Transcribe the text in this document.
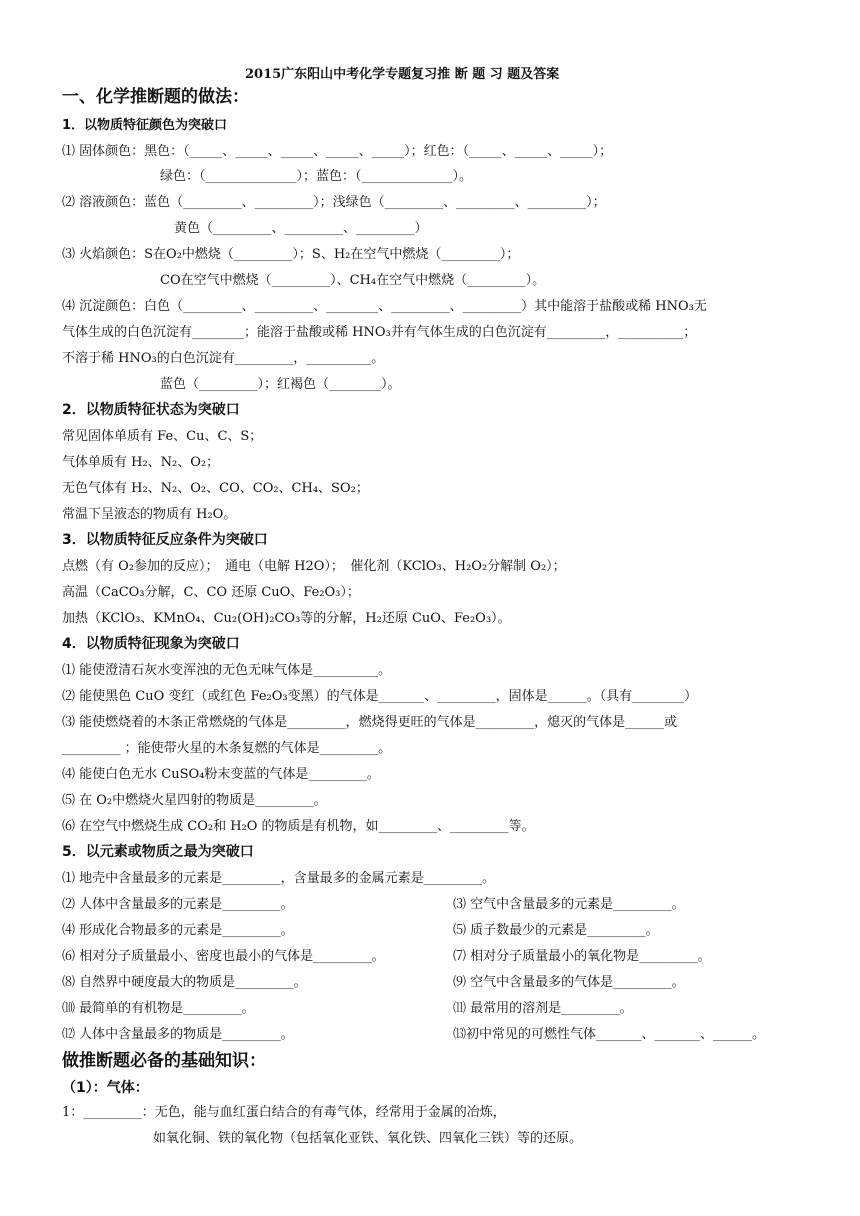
2015广东阳山中考化学专题复习推 断 题 习 题及答案
一、化学推断题的做法：
1．以物质特征颜色为突破口
⑴ 固体颜色：黑色：（_____、_____、_____、_____、_____）；红色：（_____、_____、_____）；
绿色：（______________）；蓝色：（______________）。
⑵ 溶液颜色：蓝色（_________、_________）；浅绿色（_________、_________、_________）；
黄色（_________、_________、_________）
⑶ 火焰颜色：S在O₂中燃烧（_________）；S、H₂在空气中燃烧（_________）；
CO在空气中燃烧（_________）、CH₄在空气中燃烧（_________）。
⑷ 沉淀颜色：白色（_________、_________、________、_________、_________）其中能溶于盐酸或稀 HNO₃无
气体生成的白色沉淀有________；能溶于盐酸或稀 HNO₃并有气体生成的白色沉淀有_________，__________；
不溶于稀 HNO₃的白色沉淀有_________，__________。
蓝色（_________）；红褐色（________）。
2．以物质特征状态为突破口
常见固体单质有 Fe、Cu、C、S；
气体单质有 H₂、N₂、O₂；
无色气体有 H₂、N₂、O₂、CO、CO₂、CH₄、SO₂；
常温下呈液态的物质有 H₂O。
3．以物质特征反应条件为突破口
点燃（有 O₂参加的反应）；　通电（电解 H2O）；　催化剂（KClO₃、H₂O₂分解制 O₂）；
高温（CaCO₃分解，C、CO 还原 CuO、Fe₂O₃）；
加热（KClO₃、KMnO₄、Cu₂(OH)₂CO₃等的分解，H₂还原 CuO、Fe₂O₃）。
4．以物质特征现象为突破口
⑴ 能使澄清石灰水变浑浊的无色无味气体是__________。
⑵ 能使黑色 CuO 变红（或红色 Fe₂O₃变黑）的气体是_______、_________，固体是______。（具有________）
⑶ 能使燃烧着的木条正常燃烧的气体是_________，燃烧得更旺的气体是_________，熄灭的气体是______或
_________ ；能使带火星的木条复燃的气体是_________。
⑷ 能使白色无水 CuSO₄粉末变蓝的气体是_________。
⑸ 在 O₂中燃烧火星四射的物质是_________。
⑹ 在空气中燃烧生成 CO₂和 H₂O 的物质是有机物，如_________、_________等。
5．以元素或物质之最为突破口
⑴ 地壳中含量最多的元素是_________，含量最多的金属元素是_________。
⑵ 人体中含量最多的元素是_________。	⑶ 空气中含量最多的元素是_________。
⑷ 形成化合物最多的元素是_________。	⑸ 质子数最少的元素是_________。
⑹ 相对分子质量最小、密度也最小的气体是_________。	⑺ 相对分子质量最小的氧化物是_________。
⑻ 自然界中硬度最大的物质是_________。	⑼ 空气中含量最多的气体是_________。
⑽ 最简单的有机物是_________。	⑾ 最常用的溶剂是_________。
⑿ 人体中含量最多的物质是_________。	⒀初中常见的可燃性气体_______、_______、______。
做推断题必备的基础知识：
（1）：气体：
1：_________：无色，能与血红蛋白结合的有毒气体，经常用于金属的冶炼，
如氧化铜、铁的氧化物（包括氧化亚铁、氧化铁、四氧化三铁）等的还原。
